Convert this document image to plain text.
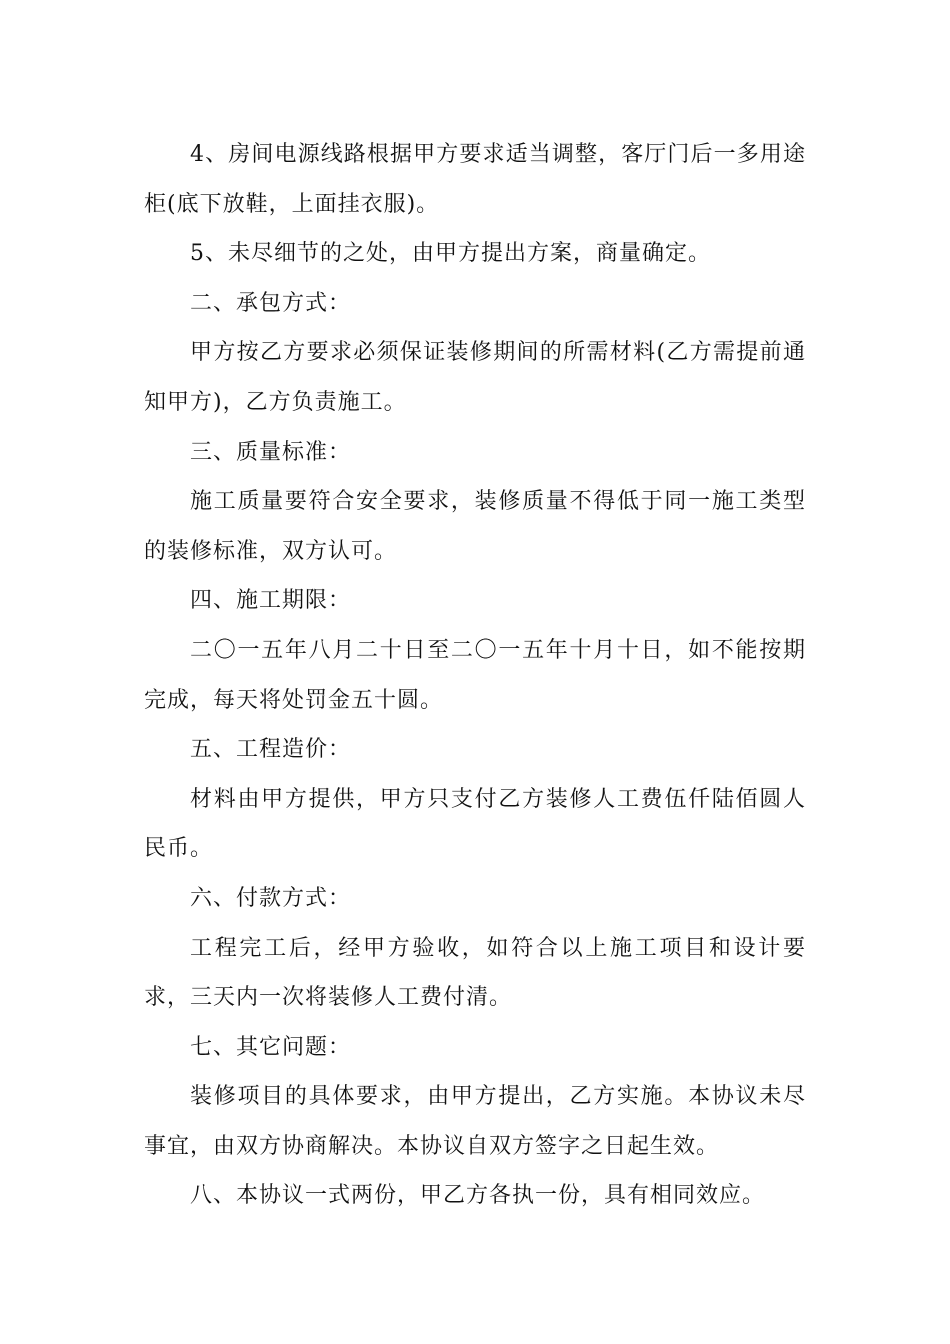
4、房间电源线路根据甲方要求适当调整，客厅门后一多用途柜(底下放鞋，上面挂衣服)。

5、未尽细节的之处，由甲方提出方案，商量确定。

二、承包方式：

甲方按乙方要求必须保证装修期间的所需材料(乙方需提前通知甲方)，乙方负责施工。

三、质量标准：

施工质量要符合安全要求，装修质量不得低于同一施工类型的装修标准，双方认可。

四、施工期限：

二〇一五年八月二十日至二〇一五年十月十日，如不能按期完成，每天将处罚金五十圆。

五、工程造价：

材料由甲方提供，甲方只支付乙方装修人工费伍仟陆佰圆人民币。

六、付款方式：

工程完工后，经甲方验收，如符合以上施工项目和设计要求，三天内一次将装修人工费付清。

七、其它问题：

装修项目的具体要求，由甲方提出，乙方实施。本协议未尽事宜，由双方协商解决。本协议自双方签字之日起生效。

八、本协议一式两份，甲乙方各执一份，具有相同效应。
